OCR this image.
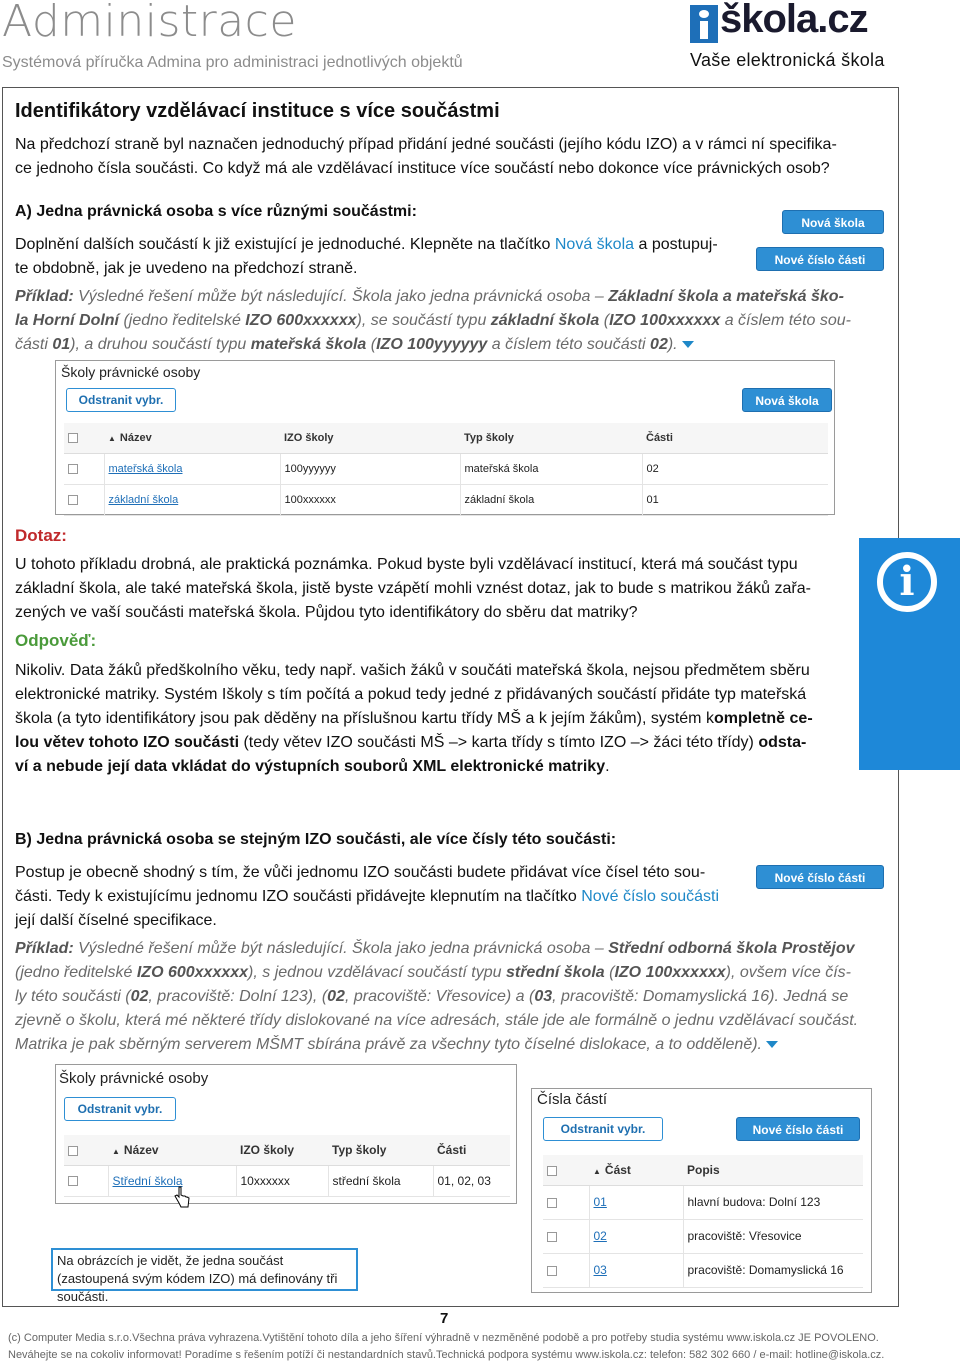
Administrace
Systémová příručka Admina pro administraci jednotlivých objektů
škola.cz
Vaše elektronická škola
Identifikátory vzdělávací instituce s více součástmi
Na předchozí straně byl naznačen jednoduchý případ přidání jedné součásti (jejího kódu IZO) a v rámci ní specifika-
ce jednoho čísla součásti. Co když má ale vzdělávací instituce více součástí nebo dokonce více právnických osob?
A) Jedna právnická osoba s více různými součástmi:
Doplnění dalších součástí k již existující je jednoduché. Klepněte na tlačítko Nová škola a postupuj-
te obdobně, jak je uvedeno na předchozí straně.
Nová škola
Nové číslo části
Příklad: Výsledné řešení může být následující. Škola jako jedna právnická osoba – Základní škola a mateřská ško-
la Horní Dolní (jedno ředitelské IZO 600xxxxxx), se součástí typu základní škola (IZO 100xxxxxx a číslem této sou-
části 01), a druhou součástí typu mateřská škola (IZO 100yyyyyy a číslem této součásti 02).
Školy právnické osoby
Odstranit vybr.	Nová škola
	▲ Název	IZO školy	Typ školy	Části
	mateřská škola	100yyyyyy	mateřská škola	02
	základní škola	100xxxxxx	základní škola	01
Dotaz:
U tohoto příkladu drobná, ale praktická poznámka. Pokud byste byli vzdělávací institucí, která má součást typu
základní škola, ale také mateřská škola, jistě byste vzápětí mohli vznést dotaz, jak to bude s matrikou žáků zařa-
zených ve vaší součásti mateřská škola. Půjdou tyto identifikátory do sběru dat matriky?
Odpověď:
Nikoliv. Data žáků předškolního věku, tedy např. vašich žáků v součáti mateřská škola, nejsou předmětem sběru
elektronické matriky. Systém Iškoly s tím počítá a pokud tedy jedné z přidávaných součástí přidáte typ mateřská
škola (a tyto identifikátory jsou pak děděny na příslušnou kartu třídy MŠ a k jejím žákům), systém kompletně ce-
lou větev tohoto IZO součásti (tedy větev IZO součásti MŠ –> karta třídy s tímto IZO –> žáci této třídy) odsta-
ví a nebude její data vkládat do výstupních souborů XML elektronické matriky.
i
B) Jedna právnická osoba se stejným IZO součásti, ale více čísly této součásti:
Postup je obecně shodný s tím, že vůči jednomu IZO součásti budete přidávat více čísel této sou-
části. Tedy k existujícímu jednomu IZO součásti přidávejte klepnutím na tlačítko Nové číslo součásti
její další číselné specifikace.
Nové číslo části
Příklad: Výsledné řešení může být následující. Škola jako jedna právnická osoba – Střední odborná škola Prostějov
(jedno ředitelské IZO 600xxxxxx), s jednou vzdělávací součástí typu střední škola (IZO 100xxxxxx), ovšem více čís-
ly této součásti (02, pracoviště: Dolní 123), (02, pracoviště: Vřesovice) a (03, pracoviště: Domamyslická 16). Jedná se
zjevně o školu, která mé některé třídy dislokované na více adresách, stále jde ale formálně o jednu vzdělávací součást.
Matrika je pak sběrným serverem MŠMT sbírána právě za všechny tyto číselné dislokace, a to odděleně).
Školy právnické osoby
Odstranit vybr.
	▲ Název	IZO školy	Typ školy	Části
	Střední škola	10xxxxxx	střední škola	01, 02, 03
Čísla částí
Odstranit vybr.	Nové číslo části
	▲ Část	Popis
	01	hlavní budova: Dolní 123
	02	pracoviště: Vřesovice
	03	pracoviště: Domamyslická 16
Na obrázcích je vidět, že jedna součást (zastoupená svým kódem IZO) má definovány tři součásti.
7
(c) Computer Media s.r.o.Všechna práva vyhrazena.Vytištění tohoto díla a jeho šíření výhradně v nezměněné podobě a pro potřeby studia systému www.iskola.cz JE POVOLENO.
Neváhejte se na cokoliv informovat! Poradíme s řešením potíží či nestandardních stavů.Technická podpora systému www.iskola.cz: telefon: 582 302 660 / e-mail: hotline@iskola.cz.
